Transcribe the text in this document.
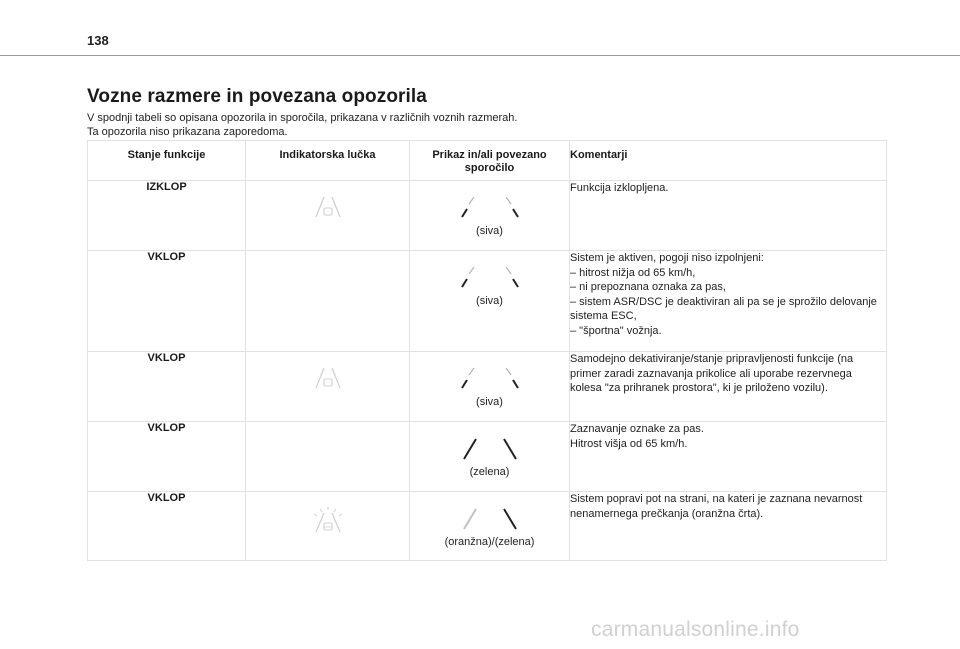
138
Vozne razmere in povezana opozorila

V spodnji tabeli so opisana opozorila in sporočila, prikazana v različnih voznih razmerah.

Ta opozorila niso prikazana zaporedoma.

Stanje funkcije	Indikatorska lučka	Prikaz in/ali povezano sporočilo	Komentarji
IZKLOP		(siva)	Funkcija izklopljena.

VKLOP		(siva)	Sistem je aktiven, pogoji niso izpolnjeni:

– hitrost nižja od 65 km/h,

– ni prepoznana oznaka za pas,

– sistem ASR/DSC je deaktiviran ali pa se je sprožilo delovanje sistema ESC,

– "športna" vožnja.

VKLOP		(siva)	Samodejno dekativiranje/stanje pripravljenosti funkcije (na primer zaradi zaznavanja prikolice ali uporabe rezervnega kolesa "za prihranek prostora", ki je priloženo vozilu).

VKLOP		(zelena)	Zaznavanje oznake za pas.

Hitrost višja od 65 km/h.

VKLOP		(oranžna)/(zelena)	Sistem popravi pot na strani, na kateri je zaznana nevarnost nenamernega prečkanja (oranžna črta).

carmanualsonline.info
